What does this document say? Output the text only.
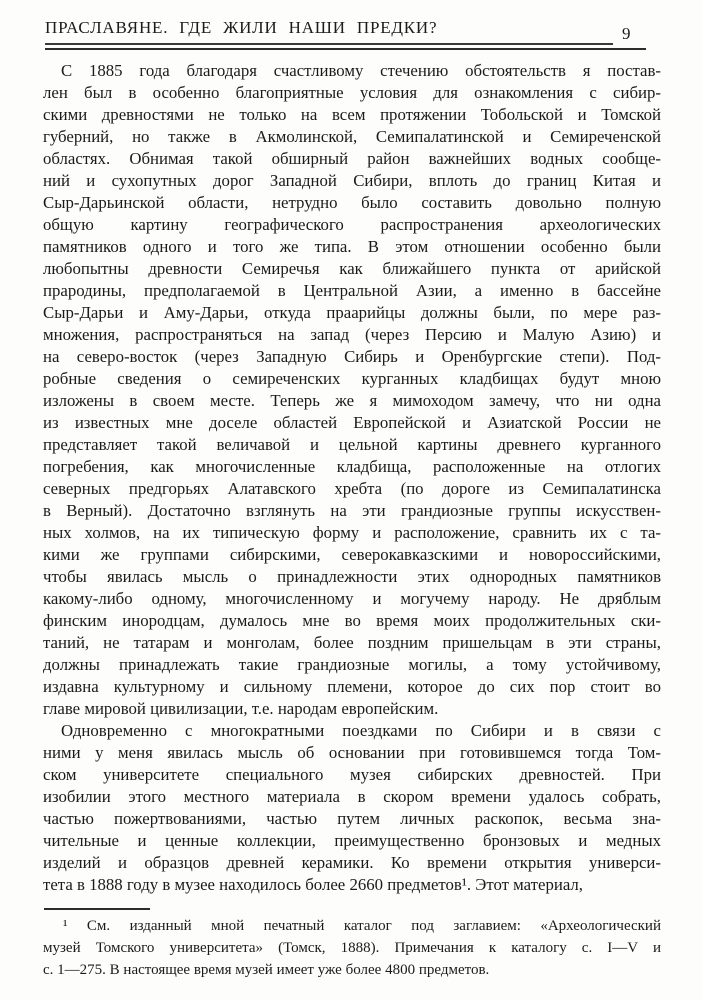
ПРАСЛАВЯНЕ. ГДЕ ЖИЛИ НАШИ ПРЕДКИ?	9
С 1885 года благодаря счастливому стечению обстоятельств я постав-
лен был в особенно благоприятные условия для ознакомления с сибир-
скими древностями не только на всем протяжении Тобольской и Томской
губерний, но также в Акмолинской, Семипалатинской и Семиреченской
областях. Обнимая такой обширный район важнейших водных сообще-
ний и сухопутных дорог Западной Сибири, вплоть до границ Китая и
Сыр-Дарьинской области, нетрудно было составить довольно полную
общую картину географического распространения археологических
памятников одного и того же типа. В этом отношении особенно были
любопытны древности Семиречья как ближайшего пункта от арийской
прародины, предполагаемой в Центральной Азии, а именно в бассейне
Сыр-Дарьи и Аму-Дарьи, откуда праарийцы должны были, по мере раз-
множения, распространяться на запад (через Персию и Малую Азию) и
на северо-восток (через Западную Сибирь и Оренбургские степи). Под-
робные сведения о семиреченских курганных кладбищах будут мною
изложены в своем месте. Теперь же я мимоходом замечу, что ни одна
из известных мне доселе областей Европейской и Азиатской России не
представляет такой величавой и цельной картины древнего курганного
погребения, как многочисленные кладбища, расположенные на отлогих
северных предгорьях Алатавского хребта (по дороге из Семипалатинска
в Верный). Достаточно взглянуть на эти грандиозные группы искусствен-
ных холмов, на их типическую форму и расположение, сравнить их с та-
кими же группами сибирскими, северокавказскими и новороссийскими,
чтобы явилась мысль о принадлежности этих однородных памятников
какому-либо одному, многочисленному и могучему народу. Не дряблым
финским инородцам, думалось мне во время моих продолжительных ски-
таний, не татарам и монголам, более поздним пришельцам в эти страны,
должны принадлежать такие грандиозные могилы, а тому устойчивому,
издавна культурному и сильному племени, которое до сих пор стоит во
главе мировой цивилизации, т.е. народам европейским.
Одновременно с многократными поездками по Сибири и в связи с
ними у меня явилась мысль об основании при готовившемся тогда Том-
ском университете специального музея сибирских древностей. При
изобилии этого местного материала в скором времени удалось собрать,
частью пожертвованиями, частью путем личных раскопок, весьма зна-
чительные и ценные коллекции, преимущественно бронзовых и медных
изделий и образцов древней керамики. Ко времени открытия универси-
тета в 1888 году в музее находилось более 2660 предметов¹. Этот материал,
¹ См. изданный мной печатный каталог под заглавием: «Археологический
музей Томского университета» (Томск, 1888). Примечания к каталогу с. I—V и
с. 1—275. В настоящее время музей имеет уже более 4800 предметов.
